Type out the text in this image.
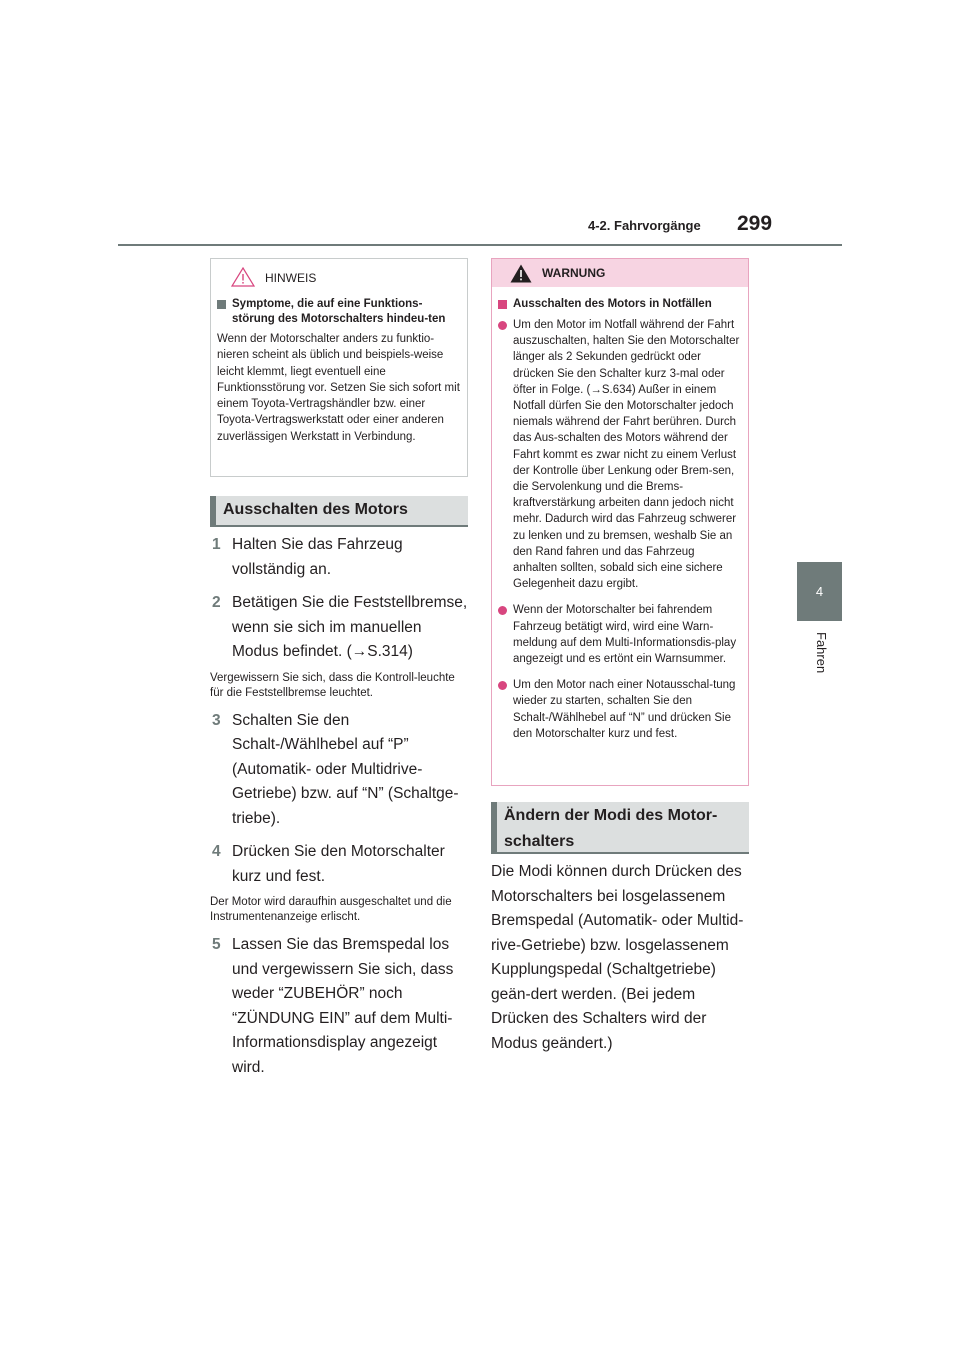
4-2. Fahrvorgänge 299
4
Fahren
HINWEIS
Symptome, die auf eine Funktions-störung des Motorschalters hindeu-ten
Wenn der Motorschalter anders zu funktio-nieren scheint als üblich und beispiels-weise leicht klemmt, liegt eventuell eine Funktionsstörung vor. Setzen Sie sich sofort mit einem Toyota-Vertragshändler bzw. einer Toyota-Vertragswerkstatt oder einer anderen zuverlässigen Werkstatt in Verbindung.
Ausschalten des Motors
1 Halten Sie das Fahrzeug vollständig an.
2 Betätigen Sie die Feststellbremse, wenn sie sich im manuellen Modus befindet. (→S.314)
Vergewissern Sie sich, dass die Kontroll-leuchte für die Feststellbremse leuchtet.
3 Schalten Sie den Schalt-/Wählhebel auf “P” (Automatik- oder Multidrive-Getriebe) bzw. auf “N” (Schaltge-triebe).
4 Drücken Sie den Motorschalter kurz und fest.
Der Motor wird daraufhin ausgeschaltet und die Instrumentenanzeige erlischt.
5 Lassen Sie das Bremspedal los und vergewissern Sie sich, dass weder “ZUBEHÖR” noch “ZÜNDUNG EIN” auf dem Multi-Informationsdisplay angezeigt wird.
WARNUNG
Ausschalten des Motors in Notfällen
Um den Motor im Notfall während der Fahrt auszuschalten, halten Sie den Motorschalter länger als 2 Sekunden gedrückt oder drücken Sie den Schalter kurz 3-mal oder öfter in Folge. (→S.634) Außer in einem Notfall dürfen Sie den Motorschalter jedoch niemals während der Fahrt berühren. Durch das Aus-schalten des Motors während der Fahrt kommt es zwar nicht zu einem Verlust der Kontrolle über Lenkung oder Brem-sen, die Servolenkung und die Brems-kraftverstärkung arbeiten dann jedoch nicht mehr. Dadurch wird das Fahrzeug schwerer zu lenken und zu bremsen, weshalb Sie an den Rand fahren und das Fahrzeug anhalten sollten, sobald sich eine sichere Gelegenheit dazu ergibt.
Wenn der Motorschalter bei fahrendem Fahrzeug betätigt wird, wird eine Warn-meldung auf dem Multi-Informationsdis-play angezeigt und es ertönt ein Warnsummer.
Um den Motor nach einer Notausschal-tung wieder zu starten, schalten Sie den Schalt-/Wählhebel auf “N” und drücken Sie den Motorschalter kurz und fest.
Ändern der Modi des Motor-schalters
Die Modi können durch Drücken des Motorschalters bei losgelassenem Bremspedal (Automatik- oder Multid-rive-Getriebe) bzw. losgelassenem Kupplungspedal (Schaltgetriebe) geän-dert werden. (Bei jedem Drücken des Schalters wird der Modus geändert.)
